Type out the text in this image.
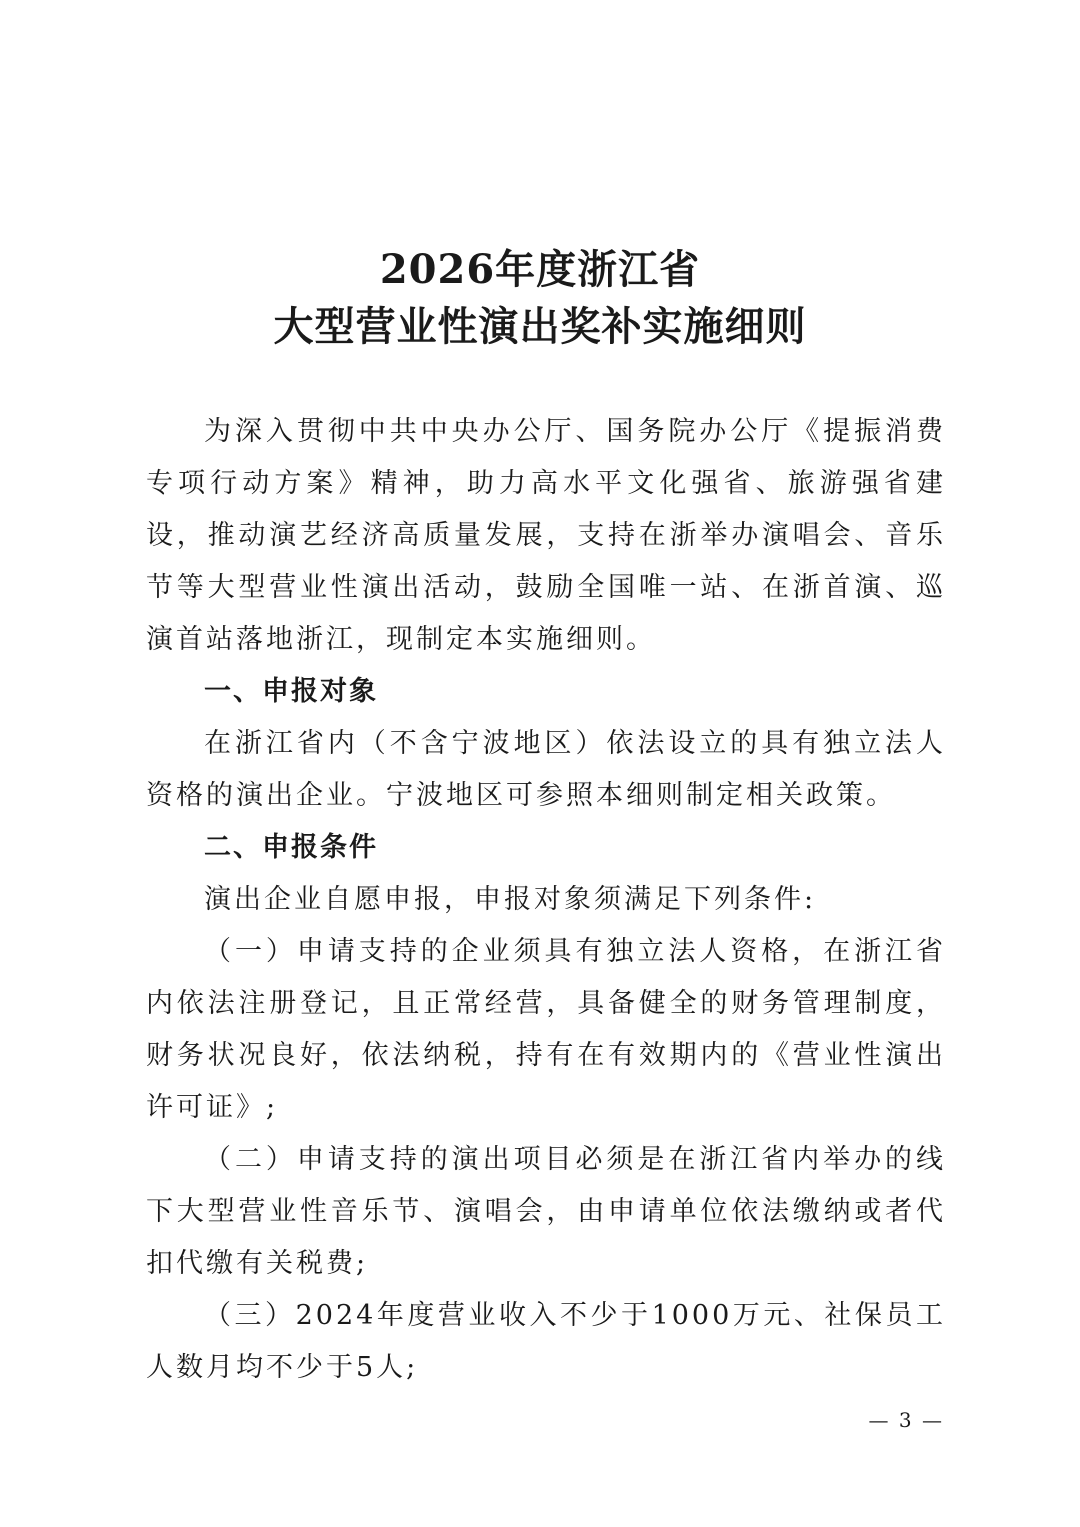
2026年度浙江省
大型营业性演出奖补实施细则

为深入贯彻中共中央办公厅、国务院办公厅《提振消费专项行动方案》精神，助力高水平文化强省、旅游强省建设，推动演艺经济高质量发展，支持在浙举办演唱会、音乐节等大型营业性演出活动，鼓励全国唯一站、在浙首演、巡演首站落地浙江，现制定本实施细则。

一、申报对象

在浙江省内（不含宁波地区）依法设立的具有独立法人资格的演出企业。宁波地区可参照本细则制定相关政策。

二、申报条件

演出企业自愿申报，申报对象须满足下列条件:

（一）申请支持的企业须具有独立法人资格，在浙江省内依法注册登记，且正常经营，具备健全的财务管理制度，财务状况良好，依法纳税，持有在有效期内的《营业性演出许可证》;

（二）申请支持的演出项目必须是在浙江省内举办的线下大型营业性音乐节、演唱会，由申请单位依法缴纳或者代扣代缴有关税费;

（三）2024年度营业收入不少于1000万元、社保员工人数月均不少于5人;

— 3 —
